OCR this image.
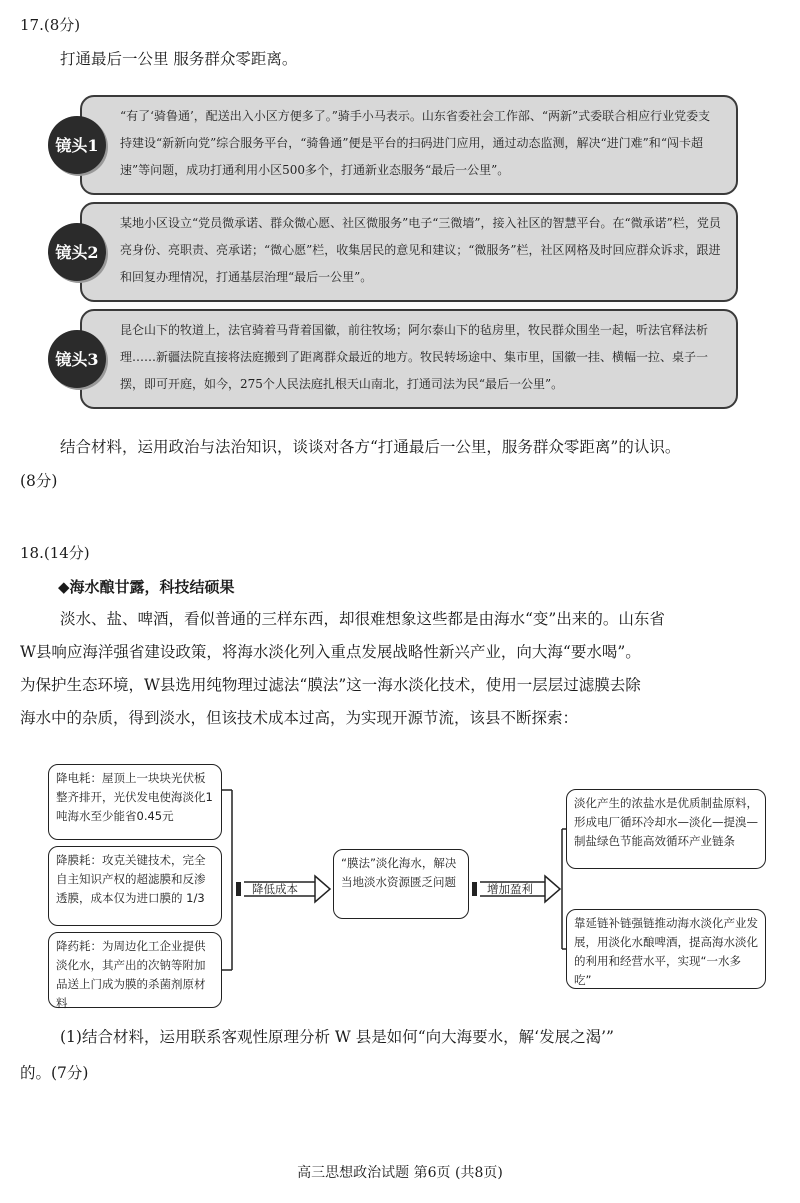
17.(8分)
打通最后一公里 服务群众零距离。
镜头1
“有了‘骑鲁通’，配送出入小区方便多了。”骑手小马表示。山东省委社会工作部、“两新”式委联合相应行业党委支持建设“新新向党”综合服务平台，“骑鲁通”便是平台的扫码进门应用，通过动态监测，解决“进门难”和“闯卡超速”等问题，成功打通利用小区500多个，打通新业态服务“最后一公里”。
镜头2
某地小区设立“党员微承诺、群众微心愿、社区微服务”电子“三微墙”，接入社区的智慧平台。在“微承诺”栏，党员亮身份、亮职责、亮承诺；“微心愿”栏，收集居民的意见和建议；“微服务”栏，社区网格及时回应群众诉求，跟进和回复办理情况，打通基层治理“最后一公里”。
镜头3
昆仑山下的牧道上，法官骑着马背着国徽，前往牧场；阿尔泰山下的毡房里，牧民群众围坐一起，听法官释法析理……新疆法院直接将法庭搬到了距离群众最近的地方。牧民转场途中、集市里，国徽一挂、横幅一拉、桌子一摆，即可开庭，如今，275个人民法庭扎根天山南北，打通司法为民“最后一公里”。
结合材料，运用政治与法治知识，谈谈对各方“打通最后一公里，服务群众零距离”的认识。
(8分)
18.(14分)
◆海水酿甘露，科技结硕果
淡水、盐、啤酒，看似普通的三样东西，却很难想象这些都是由海水“变”出来的。山东省
W县响应海洋强省建设政策，将海水淡化列入重点发展战略性新兴产业，向大海“要水喝”。
为保护生态环境，W县选用纯物理过滤法“膜法”这一海水淡化技术，使用一层层过滤膜去除
海水中的杂质，得到淡水，但该技术成本过高，为实现开源节流，该县不断探索：
降电耗：屋顶上一块块光伏板整齐排开，光伏发电使海淡化1吨海水至少能省0.45元
降膜耗：攻克关键技术，完全自主知识产权的超滤膜和反渗透膜，成本仅为进口膜的 1/3
降药耗：为周边化工企业提供淡化水，其产出的次钠等附加品送上门成为膜的杀菌剂原材料
降低成本
“膜法”淡化海水，解决当地淡水资源匮乏问题	增加盈利
淡化产生的浓盐水是优质制盐原料，形成电厂循环冷却水—淡化—提溴—制盐绿色节能高效循环产业链条
靠延链补链强链推动海水淡化产业发展，用淡化水酿啤酒，提高海水淡化的利用和经营水平，实现“一水多吃”
(1)结合材料，运用联系客观性原理分析 W 县是如何“向大海要水，解‘发展之渴’”
的。(7分)
高三思想政治试题 第6页 (共8页)
